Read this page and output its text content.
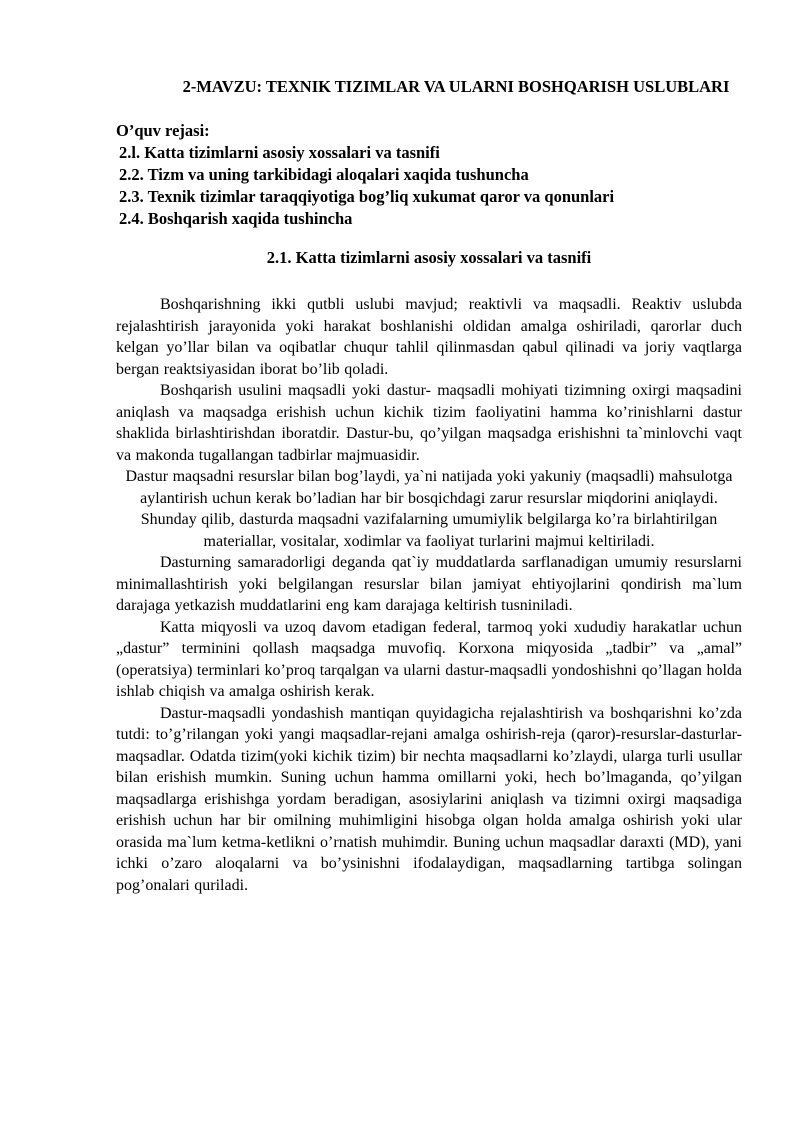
2-MAVZU: TEXNIK TIZIMLAR VA ULARNI BOSHQARISH USLUBLARI
O’quv rejasi:
2.l. Katta tizimlarni asosiy xossalari va tasnifi
2.2. Tizm va uning tarkibidagi aloqalari xaqida tushuncha
2.3. Texnik tizimlar taraqqiyotiga bog’liq xukumat qaror va qonunlari
2.4. Boshqarish xaqida tushincha
2.1. Katta tizimlarni asosiy xossalari va tasnifi

Boshqarishning ikki qutbli uslubi mavjud; reaktivli va maqsadli. Reaktiv uslubda rejalashtirish jarayonida yoki harakat boshlanishi oldidan amalga oshiriladi, qarorlar duch kelgan yo’llar bilan va oqibatlar chuqur tahlil qilinmasdan qabul qilinadi va joriy vaqtlarga bergan reaktsiyasidan iborat bo’lib qoladi.

Boshqarish usulini maqsadli yoki dastur- maqsadli mohiyati tizimning oxirgi maqsadini aniqlash va maqsadga erishish uchun kichik tizim faoliyatini hamma ko’rinishlarni dastur shaklida birlashtirishdan iboratdir. Dastur-bu, qo’yilgan maqsadga erishishni ta`minlovchi vaqt va makonda tugallangan tadbirlar majmuasidir.

Dastur maqsadni resurslar bilan bog’laydi, ya`ni natijada yoki yakuniy (maqsadli) mahsulotga aylantirish uchun kerak bo’ladian har bir bosqichdagi zarur resurslar miqdorini aniqlaydi. Shunday qilib, dasturda maqsadni vazifalarning umumiylik belgilarga ko’ra birlahtirilgan materiallar, vositalar, xodimlar va faoliyat turlarini majmui keltiriladi.

Dasturning samaradorligi deganda qat`iy muddatlarda sarflanadigan umumiy resurslarni minimallashtirish yoki belgilangan resurslar bilan jamiyat ehtiyojlarini qondirish ma`lum darajaga yetkazish muddatlarini eng kam darajaga keltirish tusniniladi.

Katta miqyosli va uzoq davom etadigan federal, tarmoq yoki xududiy harakatlar uchun „dastur” terminini qollash maqsadga muvofiq. Korxona miqyosida „tadbir” va „amal” (operatsiya) terminlari ko’proq tarqalgan va ularni dastur-maqsadli yondoshishni qo’llagan holda ishlab chiqish va amalga oshirish kerak.

Dastur-maqsadli yondashish mantiqan quyidagicha rejalashtirish va boshqarishni ko’zda tutdi: to’g’rilangan yoki yangi maqsadlar-rejani amalga oshirish-reja (qaror)-resurslar-dasturlar-maqsadlar. Odatda tizim(yoki kichik tizim) bir nechta maqsadlarni ko’zlaydi, ularga turli usullar bilan erishish mumkin. Suning uchun hamma omillarni yoki, hech bo’lmaganda, qo’yilgan maqsadlarga erishishga yordam beradigan, asosiylarini aniqlash va tizimni oxirgi maqsadiga erishish uchun har bir omilning muhimligini hisobga olgan holda amalga oshirish yoki ular orasida ma`lum ketma-ketlikni o’rnatish muhimdir. Buning uchun maqsadlar daraxti (MD), yani ichki o’zaro aloqalarni va bo’ysinishni ifodalaydigan, maqsadlarning tartibga solingan pog’onalari quriladi.
